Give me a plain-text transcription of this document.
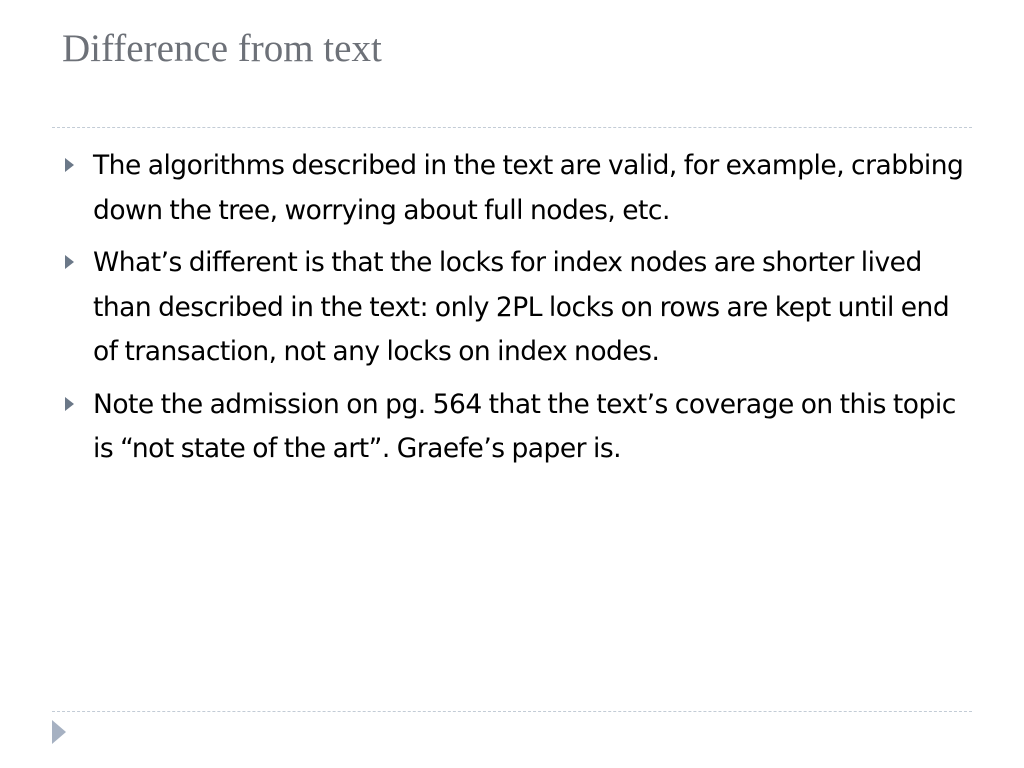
Difference from text
The algorithms described in the text are valid, for example, crabbing down the tree, worrying about full nodes, etc.
What’s different is that the locks for index nodes are shorter lived than described in the text: only 2PL locks on rows are kept until end of transaction, not any locks on index nodes.
Note the admission on pg. 564 that the text’s coverage on this topic is “not state of the art”. Graefe’s paper is.
